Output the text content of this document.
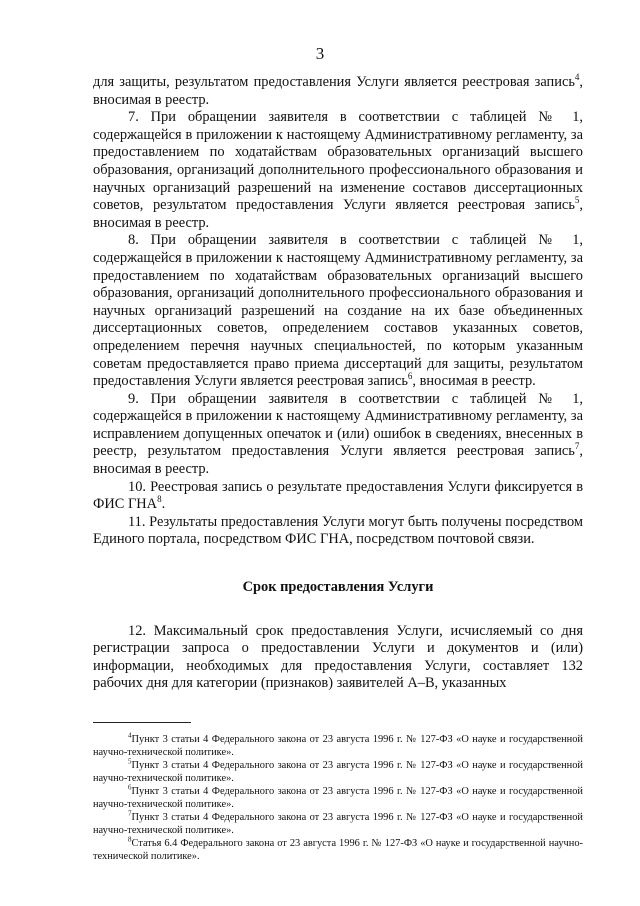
3

для защиты, результатом предоставления Услуги является реестровая запись$^4$, вносимая в реестр.

7. При обращении заявителя в соответствии с таблицей № 1, содержащейся в приложении к настоящему Административному регламенту, за предоставлением по ходатайствам образовательных организаций высшего образования, организаций дополнительного профессионального образования и научных организаций разрешений на изменение составов диссертационных советов, результатом предоставления Услуги является реестровая запись$^5$, вносимая в реестр.

8. При обращении заявителя в соответствии с таблицей № 1, содержащейся в приложении к настоящему Административному регламенту, за предоставлением по ходатайствам образовательных организаций высшего образования, организаций дополнительного профессионального образования и научных организаций разрешений на создание на их базе объединенных диссертационных советов, определением составов указанных советов, определением перечня научных специальностей, по которым указанным советам предоставляется право приема диссертаций для защиты, результатом предоставления Услуги является реестровая запись$^6$, вносимая в реестр.

9. При обращении заявителя в соответствии с таблицей № 1, содержащейся в приложении к настоящему Административному регламенту, за исправлением допущенных опечаток и (или) ошибок в сведениях, внесенных в реестр, результатом предоставления Услуги является реестровая запись$^7$, вносимая в реестр.

10. Реестровая запись о результате предоставления Услуги фиксируется в ФИС ГНА$^8$.

11. Результаты предоставления Услуги могут быть получены посредством Единого портала, посредством ФИС ГНА, посредством почтовой связи.

Срок предоставления Услуги

12. Максимальный срок предоставления Услуги, исчисляемый со дня регистрации запроса о предоставлении Услуги и документов и (или) информации, необходимых для предоставления Услуги, составляет 132 рабочих дня для категории (признаков) заявителей А–В, указанных

$^4$Пункт 3 статьи 4 Федерального закона от 23 августа 1996 г. № 127-ФЗ «О науке и государственной научно-технической политике».

$^5$Пункт 3 статьи 4 Федерального закона от 23 августа 1996 г. № 127-ФЗ «О науке и государственной научно-технической политике».

$^6$Пункт 3 статьи 4 Федерального закона от 23 августа 1996 г. № 127-ФЗ «О науке и государственной научно-технической политике».

$^7$Пункт 3 статьи 4 Федерального закона от 23 августа 1996 г. № 127-ФЗ «О науке и государственной научно-технической политике».

$^8$Статья 6.4 Федерального закона от 23 августа 1996 г. № 127-ФЗ «О науке и государственной научно-технической политике».
